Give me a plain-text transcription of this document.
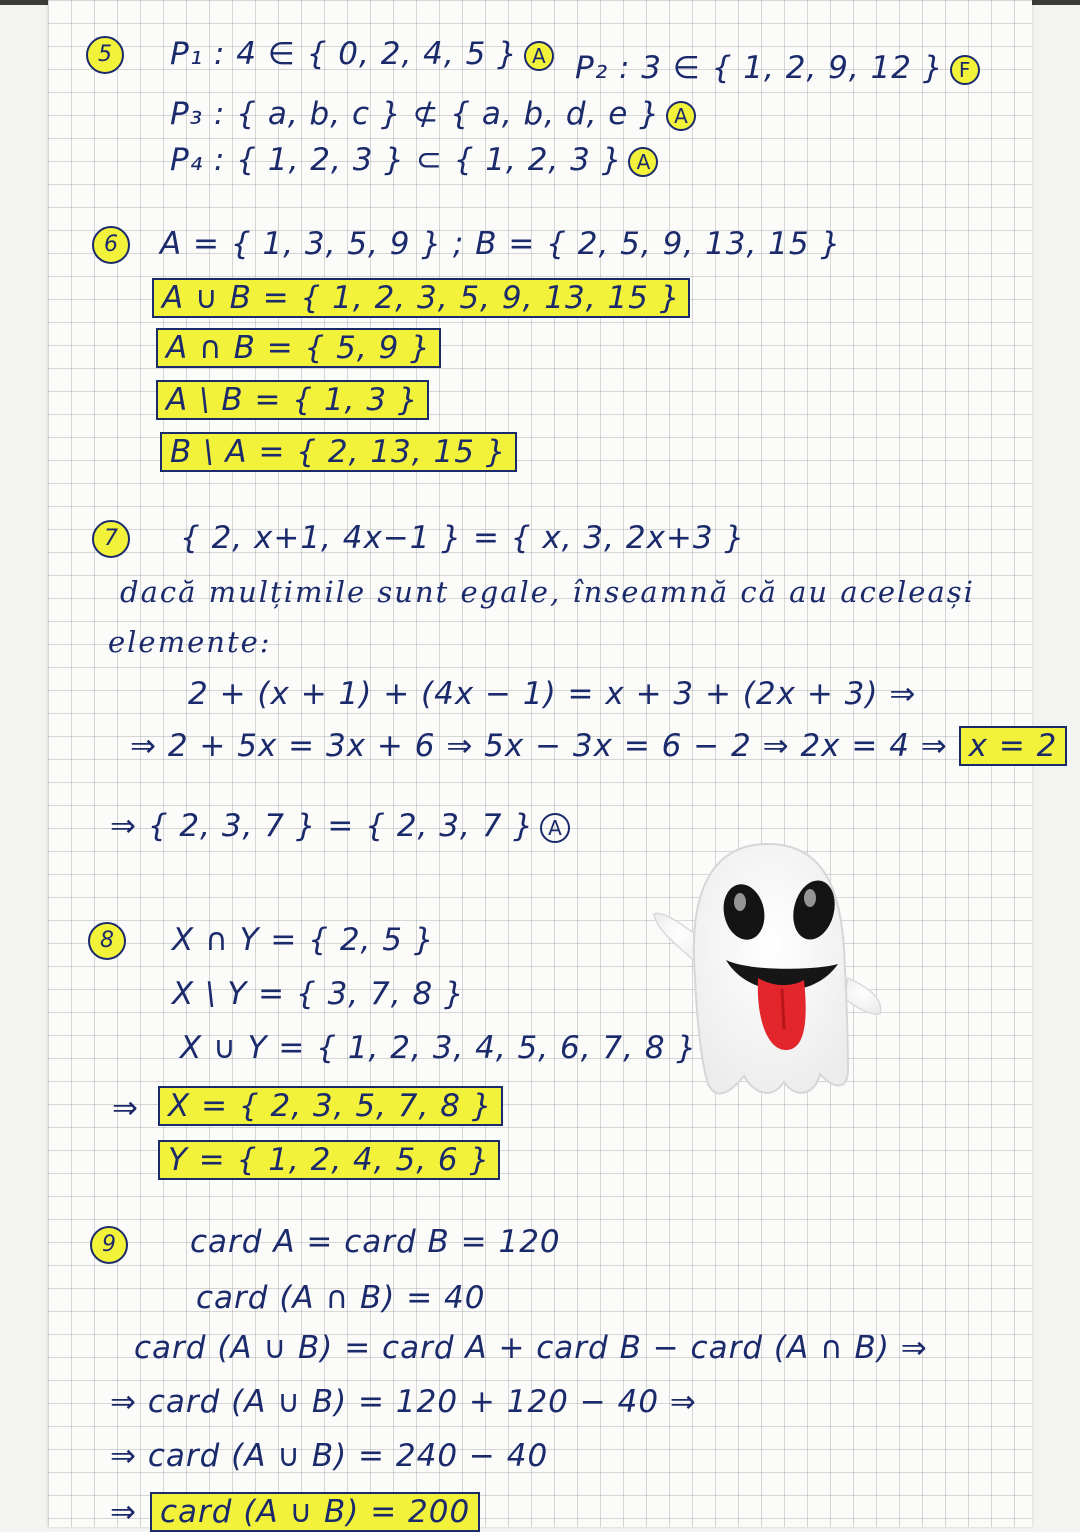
5	P₁ : 4 ∈ { 0, 2, 4, 5 } A P₂ : 3 ∈ { 1, 2, 9, 12 } F
P₃ : { a, b, c } ⊄ { a, b, d, e } A
P₄ : { 1, 2, 3 } ⊂ { 1, 2, 3 } A
6	A = { 1, 3, 5, 9 } ; B = { 2, 5, 9, 13, 15 }
A ∪ B = { 1, 2, 3, 5, 9, 13, 15 }
A ∩ B = { 5, 9 }
A \ B = { 1, 3 }
B \ A = { 2, 13, 15 }
7	{ 2, x+1, 4x−1 } = { x, 3, 2x+3 }
dacă mulțimile sunt egale, înseamnă că au aceleași
elemente:
2 + (x + 1) + (4x − 1) = x + 3 + (2x + 3) ⇒
⇒ 2 + 5x = 3x + 6 ⇒ 5x − 3x = 6 − 2 ⇒ 2x = 4 ⇒ x = 2
⇒ { 2, 3, 7 } = { 2, 3, 7 } A
8	X ∩ Y = { 2, 5 }
X \ Y = { 3, 7, 8 }
X ∪ Y = { 1, 2, 3, 4, 5, 6, 7, 8 }
⇒ X = { 2, 3, 5, 7, 8 }
Y = { 1, 2, 4, 5, 6 }
9	card A = card B = 120
card (A ∩ B) = 40
card (A ∪ B) = card A + card B − card (A ∩ B) ⇒
⇒ card (A ∪ B) = 120 + 120 − 40 ⇒
⇒ card (A ∪ B) = 240 − 40
⇒ card (A ∪ B) = 200
